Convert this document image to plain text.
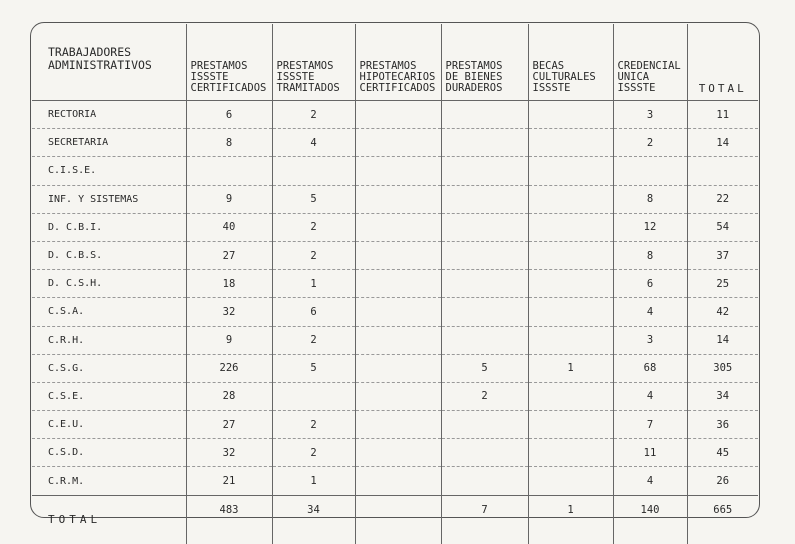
TRABAJADORES
ADMINISTRATIVOS	PRESTAMOS
ISSSTE
CERTIFICADOS	PRESTAMOS
ISSSTE
TRAMITADOS	PRESTAMOS
HIPOTECARIOS
CERTIFICADOS	PRESTAMOS
DE BIENES
DURADEROS	BECAS
CULTURALES
ISSSTE	CREDENCIAL
UNICA
ISSSTE	TOTAL
RECTORIA	6	2				3	11
SECRETARIA	8	4				2	14
C.I.S.E.							
INF. Y SISTEMAS	9	5				8	22
D. C.B.I.	40	2				12	54
D. C.B.S.	27	2				8	37
D. C.S.H.	18	1				6	25
C.S.A.	32	6				4	42
C.R.H.	9	2				3	14
C.S.G.	226	5		5	1	68	305
C.S.E.	28			2		4	34
C.E.U.	27	2				7	36
C.S.D.	32	2				11	45
C.R.M.	21	1				4	26
TOTAL	483	34		7	1	140	665
